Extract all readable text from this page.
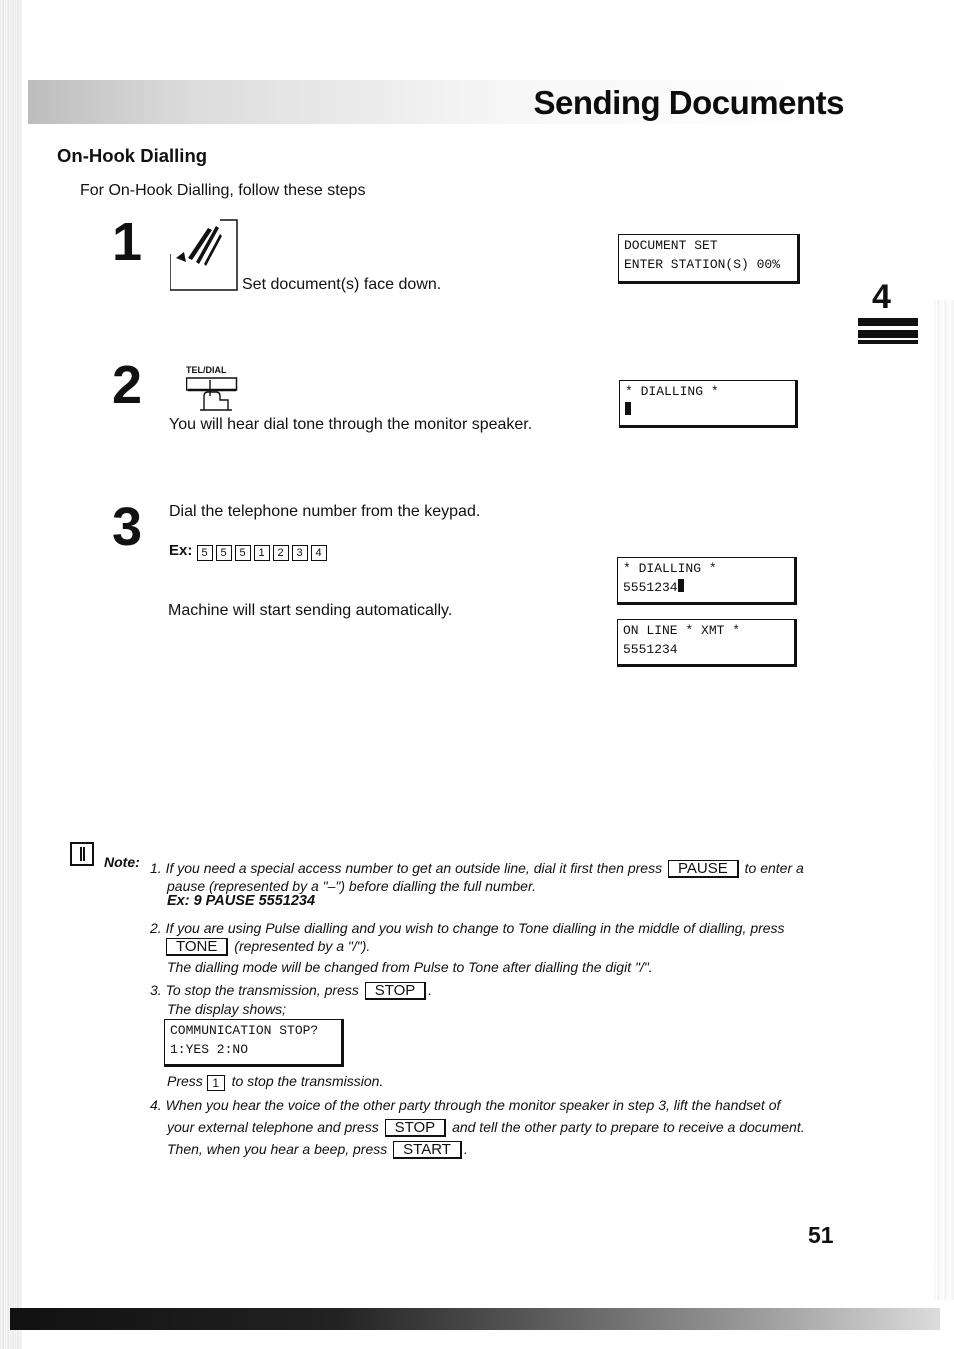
Sending Documents
4
On-Hook Dialling
For On-Hook Dialling, follow these steps
1
Set document(s) face down.
DOCUMENT SET
ENTER STATION(S) 00%
2	TEL/DIAL
You will hear dial tone through the monitor speaker.
* DIALLING *

3 Dial the telephone number from the keypad.
Ex: 5 5 5 1 2 3 4
Machine will start sending automatically.
* DIALLING *
5551234
ON LINE * XMT *
5551234
Note: 1. If you need a special access number to get an outside line, dial it first then press PAUSE to enter a
pause (represented by a "–") before dialling the full number.
Ex: 9 PAUSE 5551234
2. If you are using Pulse dialling and you wish to change to Tone dialling in the middle of dialling, press
TONE (represented by a "/").
The dialling mode will be changed from Pulse to Tone after dialling the digit "/".
3. To stop the transmission, press STOP .
The display shows;
COMMUNICATION STOP?
1:YES 2:NO
Press 1 to stop the transmission.
4. When you hear the voice of the other party through the monitor speaker in step 3, lift the handset of
your external telephone and press STOP and tell the other party to prepare to receive a document.
Then, when you hear a beep, press START .
51
